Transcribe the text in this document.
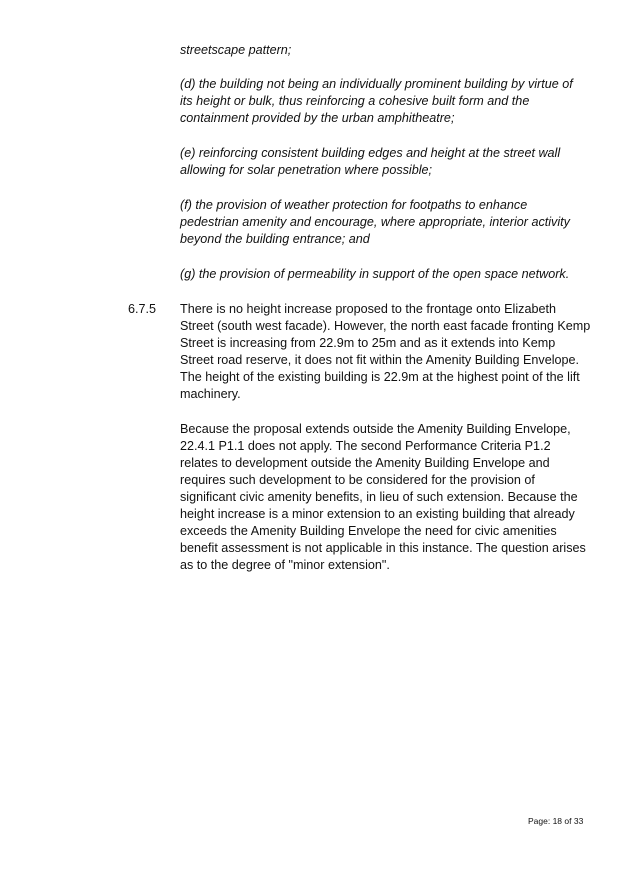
streetscape pattern;
(d) the building not being an individually prominent building by virtue of
its height or bulk, thus reinforcing a cohesive built form and the
containment provided by the urban amphitheatre;
(e) reinforcing consistent building edges and height at the street wall
allowing for solar penetration where possible;
(f) the provision of weather protection for footpaths to enhance
pedestrian amenity and encourage, where appropriate, interior activity
beyond the building entrance; and
(g) the provision of permeability in support of the open space network.
6.7.5 There is no height increase proposed to the frontage onto Elizabeth
Street (south west facade). However, the north east facade fronting Kemp
Street is increasing from 22.9m to 25m and as it extends into Kemp
Street road reserve, it does not fit within the Amenity Building Envelope.
The height of the existing building is 22.9m at the highest point of the lift
machinery.
Because the proposal extends outside the Amenity Building Envelope,
22.4.1 P1.1 does not apply. The second Performance Criteria P1.2
relates to development outside the Amenity Building Envelope and
requires such development to be considered for the provision of
significant civic amenity benefits, in lieu of such extension. Because the
height increase is a minor extension to an existing building that already
exceeds the Amenity Building Envelope the need for civic amenities
benefit assessment is not applicable in this instance. The question arises
as to the degree of "minor extension".
Page: 18 of 33
